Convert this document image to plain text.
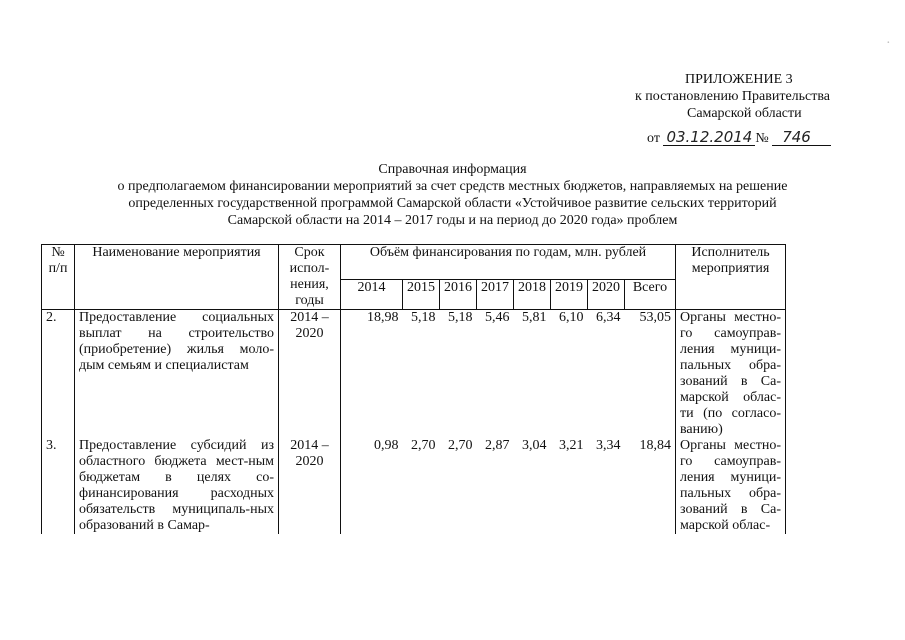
ПРИЛОЖЕНИЕ 3
к постановлению Правительства
Самарской области
от 03.12.2014 № 746
Справочная информация
о предполагаемом финансировании мероприятий за счет средств местных бюджетов, направляемых на решение
определенных государственной программой Самарской области «Устойчивое развитие сельских территорий
Самарской области на 2014 – 2017 годы и на период до 2020 года» проблем
·
№ п/п	Наименование мероприятия	Срок испол-нения, годы	Объём финансирования по годам, млн. рублей								Исполнитель мероприятия
			2014	2015	2016	2017	2018	2019	2020	Всего	
2.	Предоставление социальных выплат на строительство (приобретение) жилья моло-дым семьям и специалистам	2014 – 2020	18,98	5,18	5,18	5,46	5,81	6,10	6,34	53,05	Органы местно-го самоуправ-ления муници-пальных обра-зований в Са-марской облас-ти (по согласо-ванию)
3.	Предоставление субсидий из областного бюджета мест-ным бюджетам в целях со-финансирования расходных обязательств муниципаль-ных образований в Самар-	2014 – 2020	0,98	2,70	2,70	2,87	3,04	3,21	3,34	18,84	Органы местно-го самоуправ-ления муници-пальных обра-зований в Са-марской облас-
